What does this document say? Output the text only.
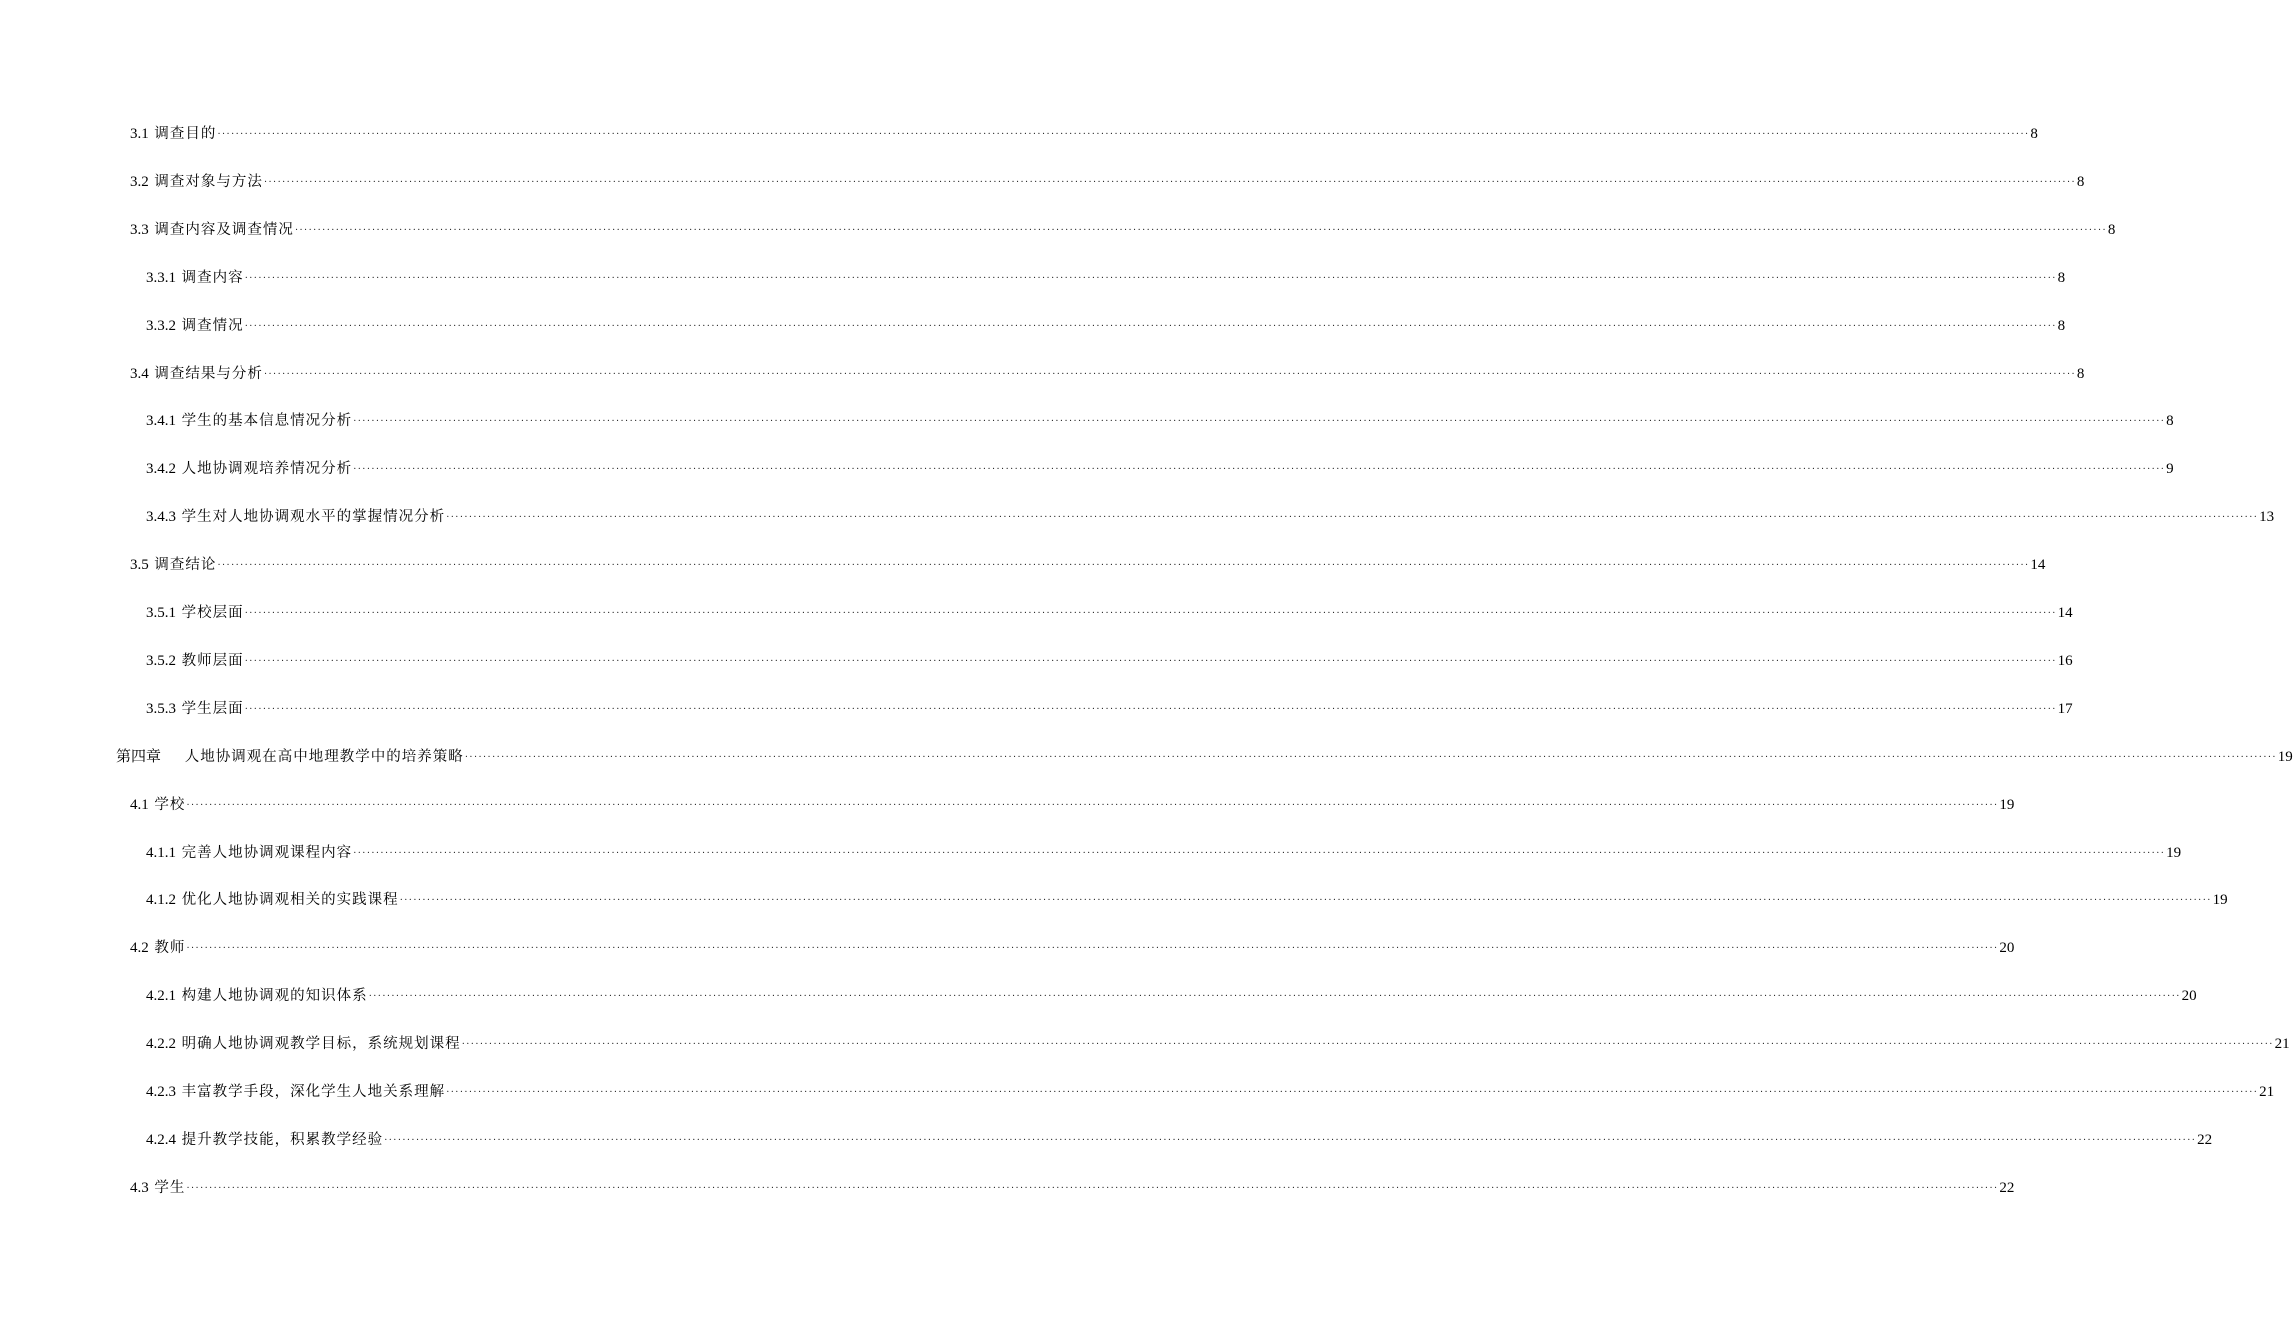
3.1 调查目的 ················································································································································································································································································································································································································ 8
3.2 调查对象与方法 ················································································································································································································································································································································································································ 8
3.3 调查内容及调查情况 ················································································································································································································································································································································································································ 8
3.3.1 调查内容 ················································································································································································································································································································································································································ 8
3.3.2 调查情况 ················································································································································································································································································································································································································ 8
3.4 调查结果与分析 ················································································································································································································································································································································································································ 8
3.4.1 学生的基本信息情况分析 ················································································································································································································································································································································································································ 8
3.4.2 人地协调观培养情况分析 ················································································································································································································································································································································································································ 9
3.4.3 学生对人地协调观水平的掌握情况分析 ················································································································································································································································································································································································································ 13
3.5 调查结论 ················································································································································································································································································································································································································ 14
3.5.1 学校层面 ················································································································································································································································································································································································································ 14
3.5.2 教师层面 ················································································································································································································································································································································································································ 16
3.5.3 学生层面 ················································································································································································································································································································································································································ 17
第四章   人地协调观在高中地理教学中的培养策略 ················································································································································································································································································································································································································ 19
4.1 学校 ················································································································································································································································································································································································································ 19
4.1.1 完善人地协调观课程内容 ················································································································································································································································································································································································································ 19
4.1.2 优化人地协调观相关的实践课程 ················································································································································································································································································································································································································ 19
4.2 教师 ················································································································································································································································································································································································································ 20
4.2.1 构建人地协调观的知识体系 ················································································································································································································································································································································································································ 20
4.2.2 明确人地协调观教学目标，系统规划课程 ················································································································································································································································································································································································································ 21
4.2.3 丰富教学手段，深化学生人地关系理解 ················································································································································································································································································································································································································ 21
4.2.4 提升教学技能，积累教学经验 ················································································································································································································································································································································································································ 22
4.3 学生 ················································································································································································································································································································································································································ 22
